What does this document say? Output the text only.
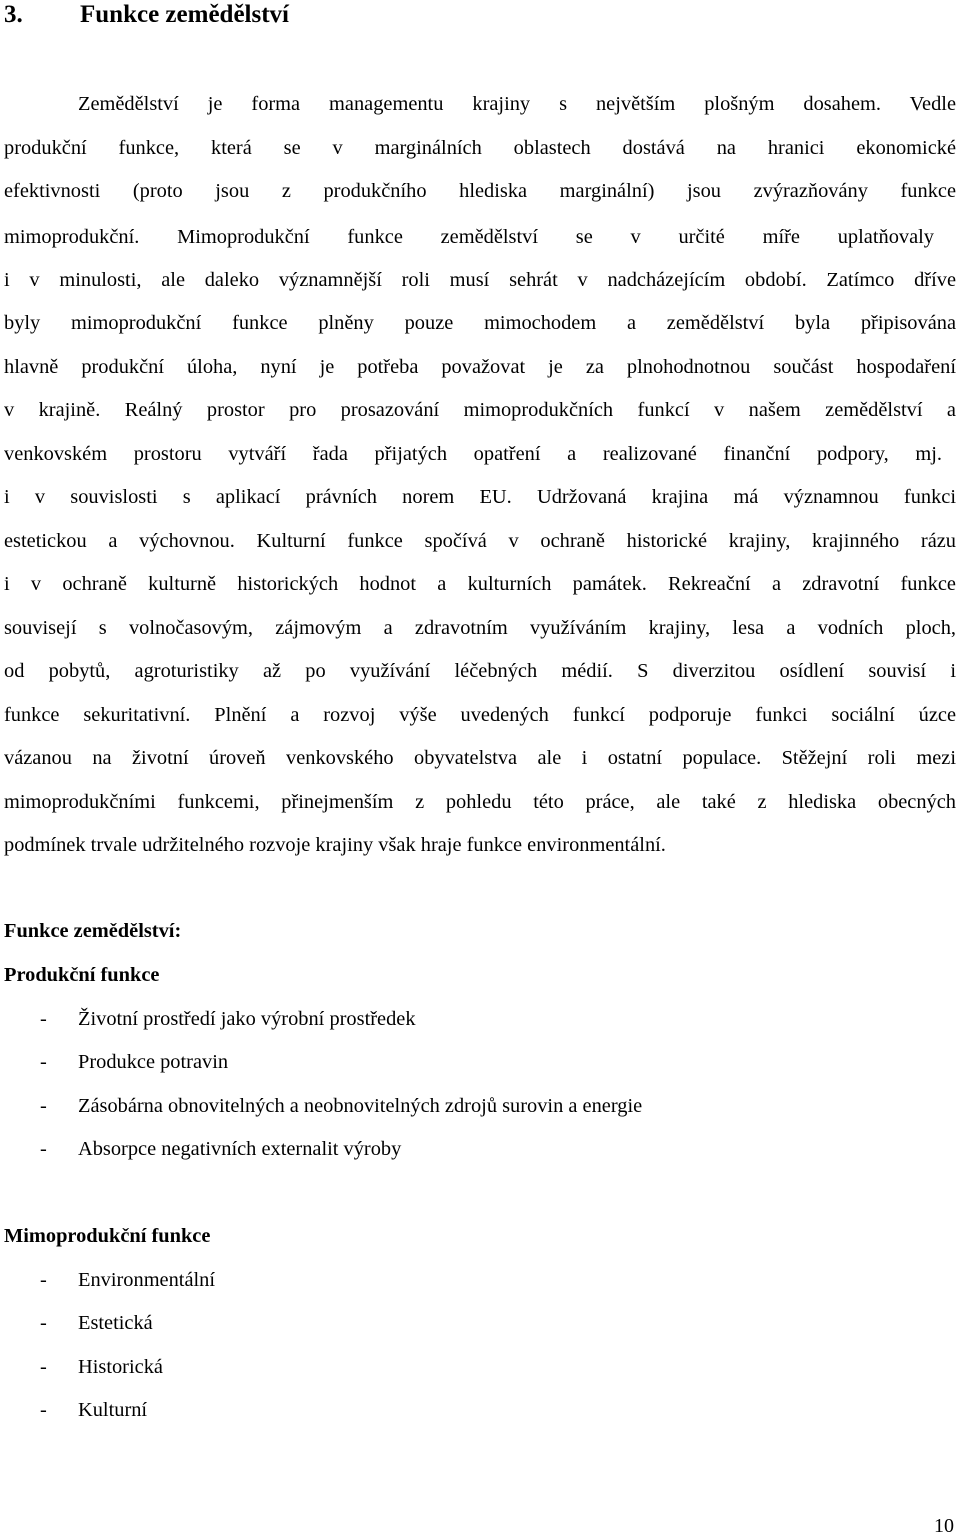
3. Funkce zemědělství
Zemědělství je forma managementu krajiny s největším plošným dosahem. Vedle
produkční funkce, která se v marginálních oblastech dostává na hranici ekonomické
efektivnosti (proto jsou z produkčního hlediska marginální) jsou zvýrazňovány funkce
mimoprodukční. Mimoprodukční funkce zemědělství se v určité míře uplatňovaly
i v minulosti, ale daleko významnější roli musí sehrát v nadcházejícím období. Zatímco dříve
byly mimoprodukční funkce plněny pouze mimochodem a zemědělství byla připisována
hlavně produkční úloha, nyní je potřeba považovat je za plnohodnotnou součást hospodaření
v krajině. Reálný prostor pro prosazování mimoprodukčních funkcí v našem zemědělství a
venkovském prostoru vytváří řada přijatých opatření a realizované finanční podpory, mj.
i v souvislosti s aplikací právních norem EU. Udržovaná krajina má významnou funkci
estetickou a výchovnou. Kulturní funkce spočívá v ochraně historické krajiny, krajinného rázu
i v ochraně kulturně historických hodnot a kulturních památek. Rekreační a zdravotní funkce
souvisejí s volnočasovým, zájmovým a zdravotním využíváním krajiny, lesa a vodních ploch,
od pobytů, agroturistiky až po využívání léčebných médií. S diverzitou osídlení souvisí i
funkce sekuritativní. Plnění a rozvoj výše uvedených funkcí podporuje funkci sociální úzce
vázanou na životní úroveň venkovského obyvatelstva ale i ostatní populace. Stěžejní roli mezi
mimoprodukčními funkcemi, přinejmenším z pohledu této práce, ale také z hlediska obecných
podmínek trvale udržitelného rozvoje krajiny však hraje funkce environmentální.
Funkce zemědělství:
Produkční funkce
- Životní prostředí jako výrobní prostředek
- Produkce potravin
- Zásobárna obnovitelných a neobnovitelných zdrojů surovin a energie
- Absorpce negativních externalit výroby
Mimoprodukční funkce
- Environmentální
- Estetická
- Historická
- Kulturní
10
